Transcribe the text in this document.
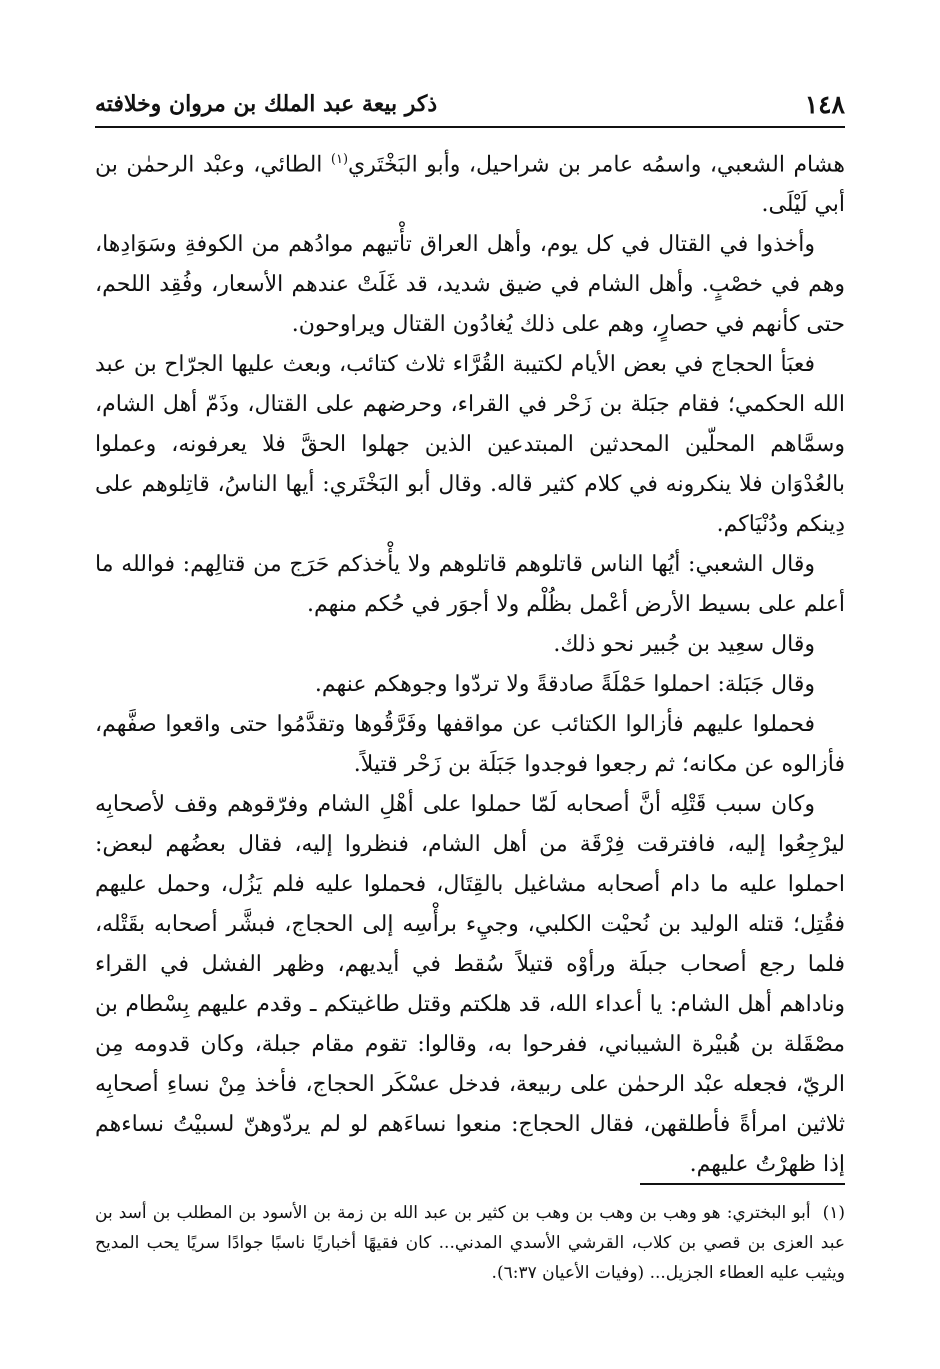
١٤٨
ذكر بيعة عبد الملك بن مروان وخلافته

هشام الشعبي، واسمُه عامر بن شراحيل، وأبو البَخْتَري$^{(١)}$ الطائي، وعبْد الرحمٰن بن أبي لَيْلَى.

وأخذوا في القتال في كل يوم، وأهل العراق تأْتيهم موادُهم من الكوفةِ وسَوَادِها، وهم في خصْبٍ. وأهل الشام في ضيق شديد، قد غَلَتْ عندهم الأسعار، وفُقِد اللحم، حتى كأنهم في حصارٍ، وهم على ذلك يُغادُون القتال ويراوحون.

فعبَأ الحجاج في بعض الأيام لكتيبة القُرَّاء ثلاث كتائب، وبعث عليها الجرّاح بن عبد الله الحكمي؛ فقام جبَلة بن زَحْر في القراء، وحرضهم على القتال، وذَمّ أهل الشام، وسمَّاهم المحلّين المحدثين المبتدعين الذين جهلوا الحقَّ فلا يعرفونه، وعملوا بالعُدْوَان فلا ينكرونه في كلام كثير قاله. وقال أبو البَخْتَري: أيها الناسُ، قاتِلوهم على دِينكم ودُنْيَاكم.

وقال الشعبي: أيُها الناس قاتلوهم قاتلوهم ولا يأْخذكم حَرَج من قتالِهم: فوالله ما أعلم على بسيط الأرض أعْمل بظُلْم ولا أجوَر في حُكم منهم.

وقال سعِيد بن جُبير نحو ذلك.

وقال جَبَلة: احملوا حَمْلَةً صادقةً ولا تردّوا وجوهكم عنهم.

فحملوا عليهم فأزالوا الكتائب عن مواقفها وفَرَّقُوها وتقدَّمُوا حتى واقعوا صفَّهم، فأزالوه عن مكانه؛ ثم رجعوا فوجدوا جَبَلَة بن زَحْر قتيلاً.

وكان سبب قَتْلِه أنَّ أصحابه لَمّا حملوا على أهْلِ الشام وفرّقوهم وقف لأصحابِه ليرْجِعُوا إليه، فافترقت فِرْقَة من أهل الشام، فنظروا إليه، فقال بعضُهم لبعض: احملوا عليه ما دام أصحابه مشاغيل بالقِتَال، فحملوا عليه فلم يَزُل، وحمل عليهم فقُتِل؛ قتله الوليد بن نُحيْت الكلبي، وجيِء برأْسِه إلى الحجاج، فبشَّر أصحابه بقَتْله، فلما رجع أصحاب جبلَة ورأوْه قتيلاً سُقط في أيديهم، وظهر الفشل في القراء وناداهم أهل الشام: يا أعداء الله، قد هلكتم وقتل طاغيتكم ـ وقدم عليهم بِسْطام بن مصْقَلة بن هُبيْرة الشيباني، ففرحوا به، وقالوا: تقوم مقام جبلة، وكان قدومه مِن الريّ، فجعله عبْد الرحمٰن على ربيعة، فدخل عسْكَر الحجاج، فأخذ مِنْ نساءِ أصحابِه ثلاثين امرأةً فأطلقهن، فقال الحجاج: منعوا نساءَهم لو لم يردّوهنّ لسبيْتُ نساءهم إذا ظهرْتُ عليهم.

(١)أبو البختري: هو وهب بن وهب بن وهب بن كثير بن عبد الله بن زمة بن الأسود بن المطلب بن أسد بن عبد العزى بن قصي بن كلاب، القرشي الأسدي المدني... كان فقيهًا أخباريًا ناسبًا جوادًا سريًا يحب المديح ويثيب عليه العطاء الجزيل... (وفيات الأعيان ٦:٣٧).
